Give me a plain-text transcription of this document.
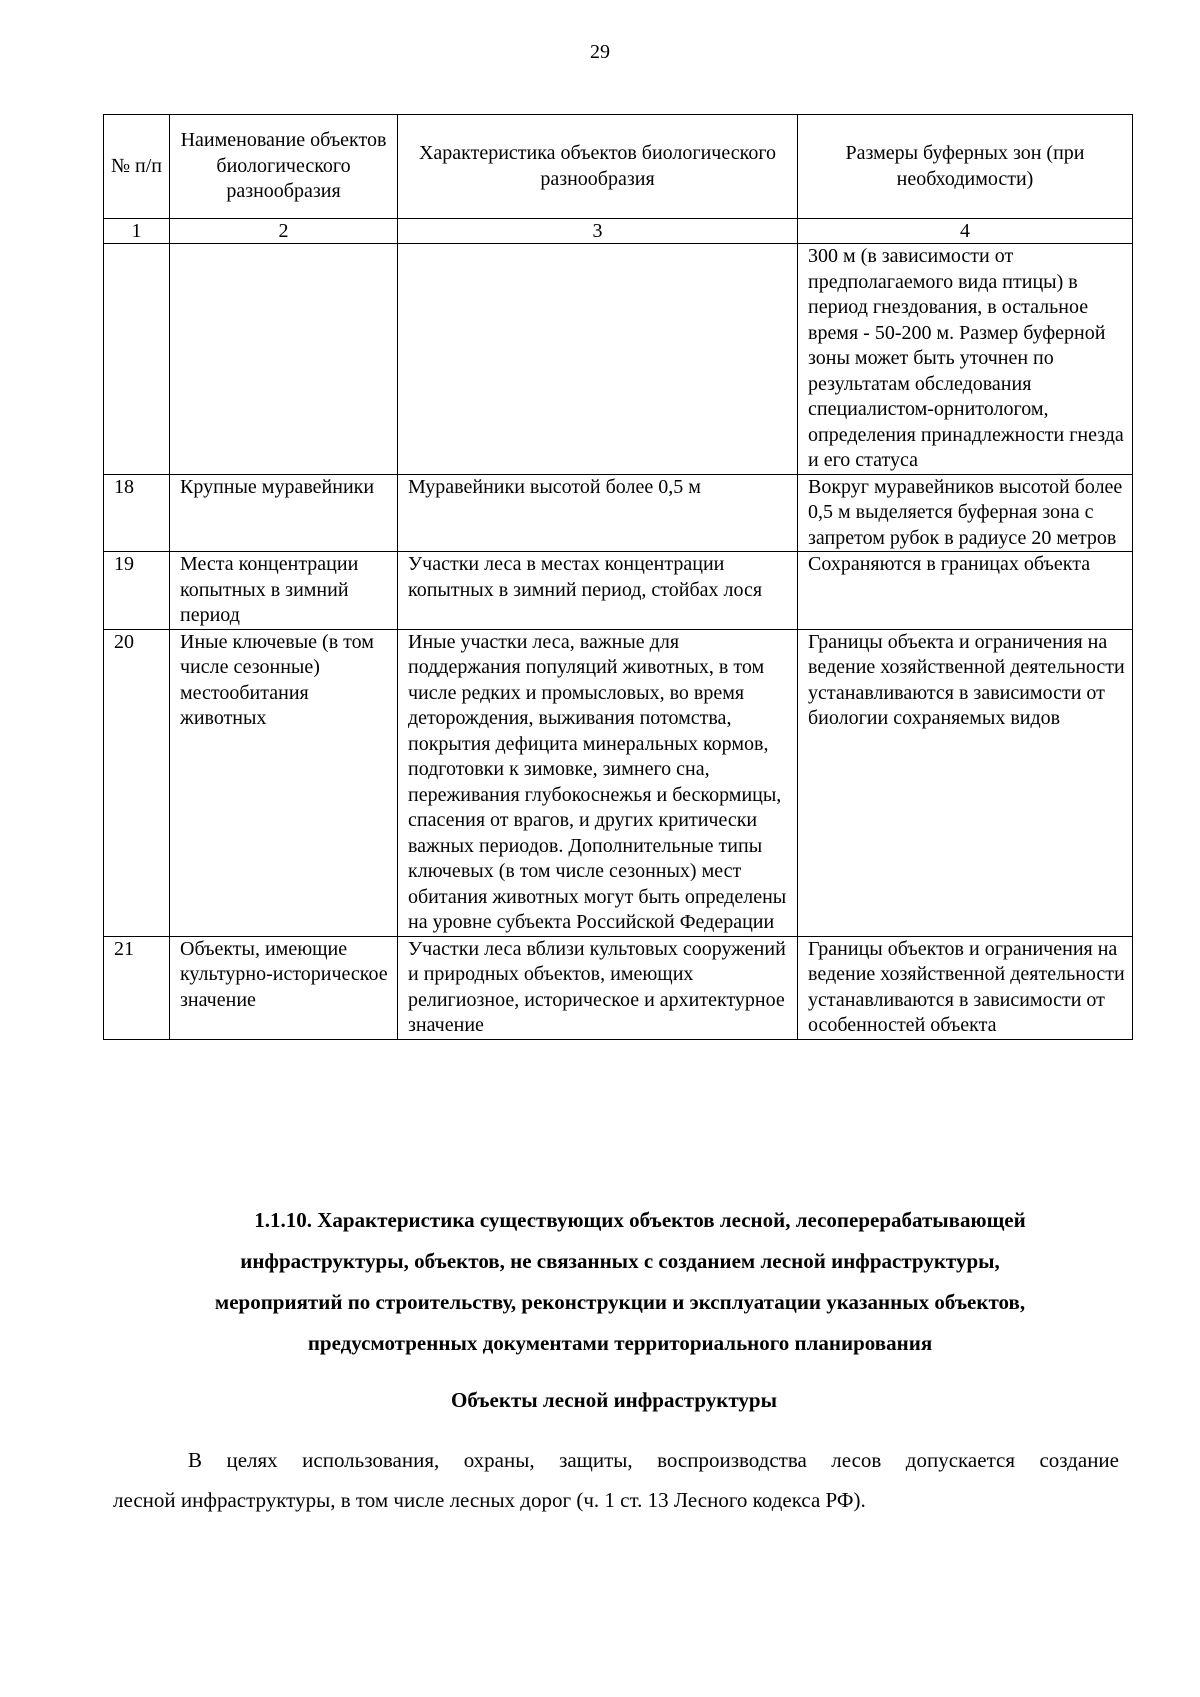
29
№ п/п	Наименование объектов биологического разнообразия	Характеристика объектов биологического разнообразия	Размеры буферных зон (при необходимости)
1	2	3	4
			300 м (в зависимости от предполагаемого вида птицы) в период гнездования, в остальное время - 50-200 м. Размер буферной зоны может быть уточнен по результатам обследования специалистом-орнитологом, определения принадлежности гнезда и его статуса
18	Крупные муравейники	Муравейники высотой более 0,5 м	Вокруг муравейников высотой более 0,5 м выделяется буферная зона с запретом рубок в радиусе 20 метров
19	Места концентрации копытных в зимний период	Участки леса в местах концентрации копытных в зимний период, стойбах лося	Сохраняются в границах объекта
20	Иные ключевые (в том числе сезонные) местообитания животных	Иные участки леса, важные для поддержания популяций животных, в том числе редких и промысловых, во время деторождения, выживания потомства, покрытия дефицита минеральных кормов, подготовки к зимовке, зимнего сна, переживания глубокоснежья и бескормицы, спасения от врагов, и других критически важных периодов. Дополнительные типы ключевых (в том числе сезонных) мест обитания животных могут быть определены на уровне субъекта Российской Федерации	Границы объекта и ограничения на ведение хозяйственной деятельности устанавливаются в зависимости от биологии сохраняемых видов
21	Объекты, имеющие культурно-историческое значение	Участки леса вблизи культовых сооружений и природных объектов, имеющих религиозное, историческое и архитектурное значение	Границы объектов и ограничения на ведение хозяйственной деятельности устанавливаются в зависимости от особенностей объекта
1.1.10. Характеристика существующих объектов лесной, лесоперерабатывающей
инфраструктуры, объектов, не связанных с созданием лесной инфраструктуры,
мероприятий по строительству, реконструкции и эксплуатации указанных объектов,
предусмотренных документами территориального планирования
Объекты лесной инфраструктуры
В целях использования, охраны, защиты, воспроизводства лесов допускается создание
лесной инфраструктуры, в том числе лесных дорог (ч. 1 ст. 13 Лесного кодекса РФ).
